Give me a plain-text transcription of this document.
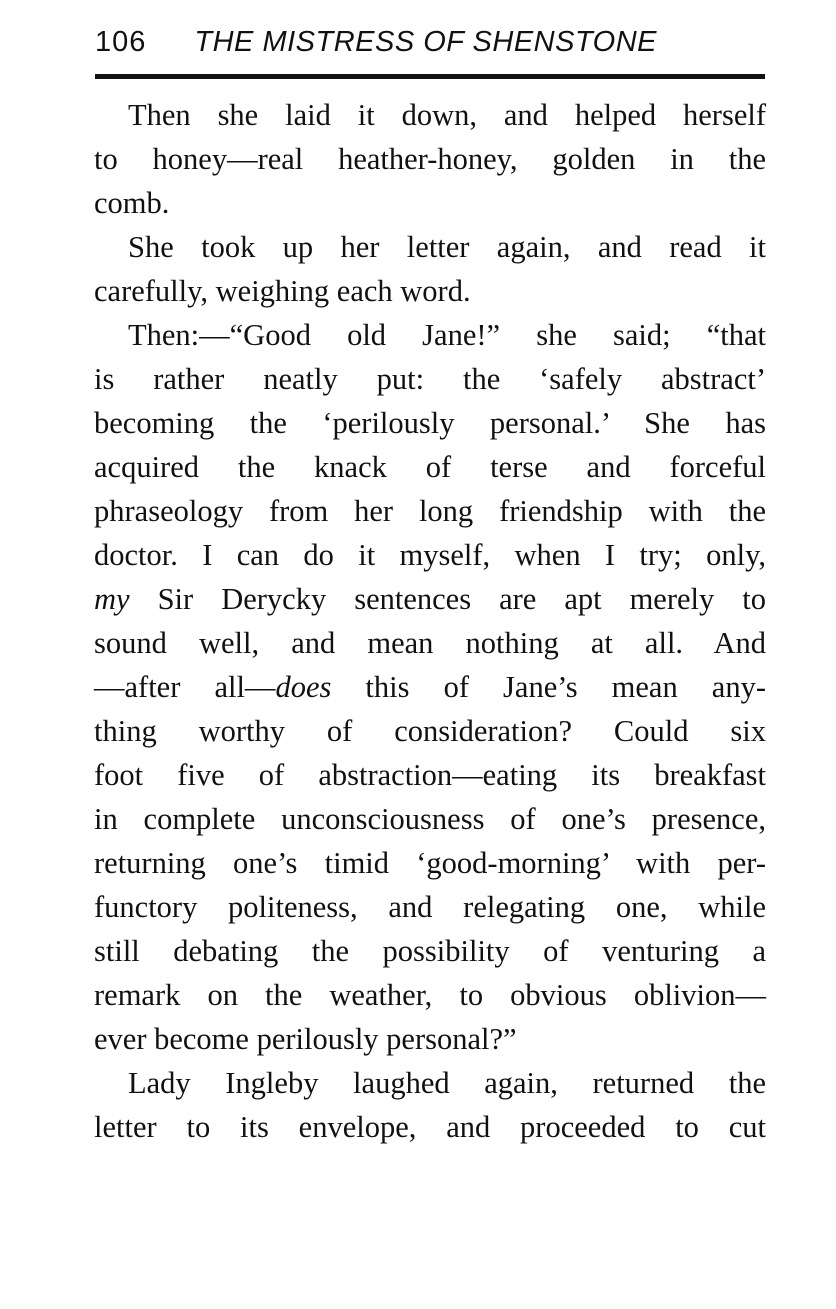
106 THE MISTRESS OF SHENSTONE
Then she laid it down, and helped herself
to honey—real heather-honey, golden in the
comb.
She took up her letter again, and read it
carefully, weighing each word.
Then:—“Good old Jane!” she said; “that
is rather neatly put: the ‘safely abstract’
becoming the ‘perilously personal.’ She has
acquired the knack of terse and forceful
phraseology from her long friendship with the
doctor. I can do it myself, when I try; only,
my Sir Derycky sentences are apt merely to
sound well, and mean nothing at all. And
—after all—does this of Jane’s mean any-
thing worthy of consideration? Could six
foot five of abstraction—eating its breakfast
in complete unconsciousness of one’s presence,
returning one’s timid ‘good-morning’ with per-
functory politeness, and relegating one, while
still debating the possibility of venturing a
remark on the weather, to obvious oblivion—
ever become perilously personal?”
Lady Ingleby laughed again, returned the
letter to its envelope, and proceeded to cut
